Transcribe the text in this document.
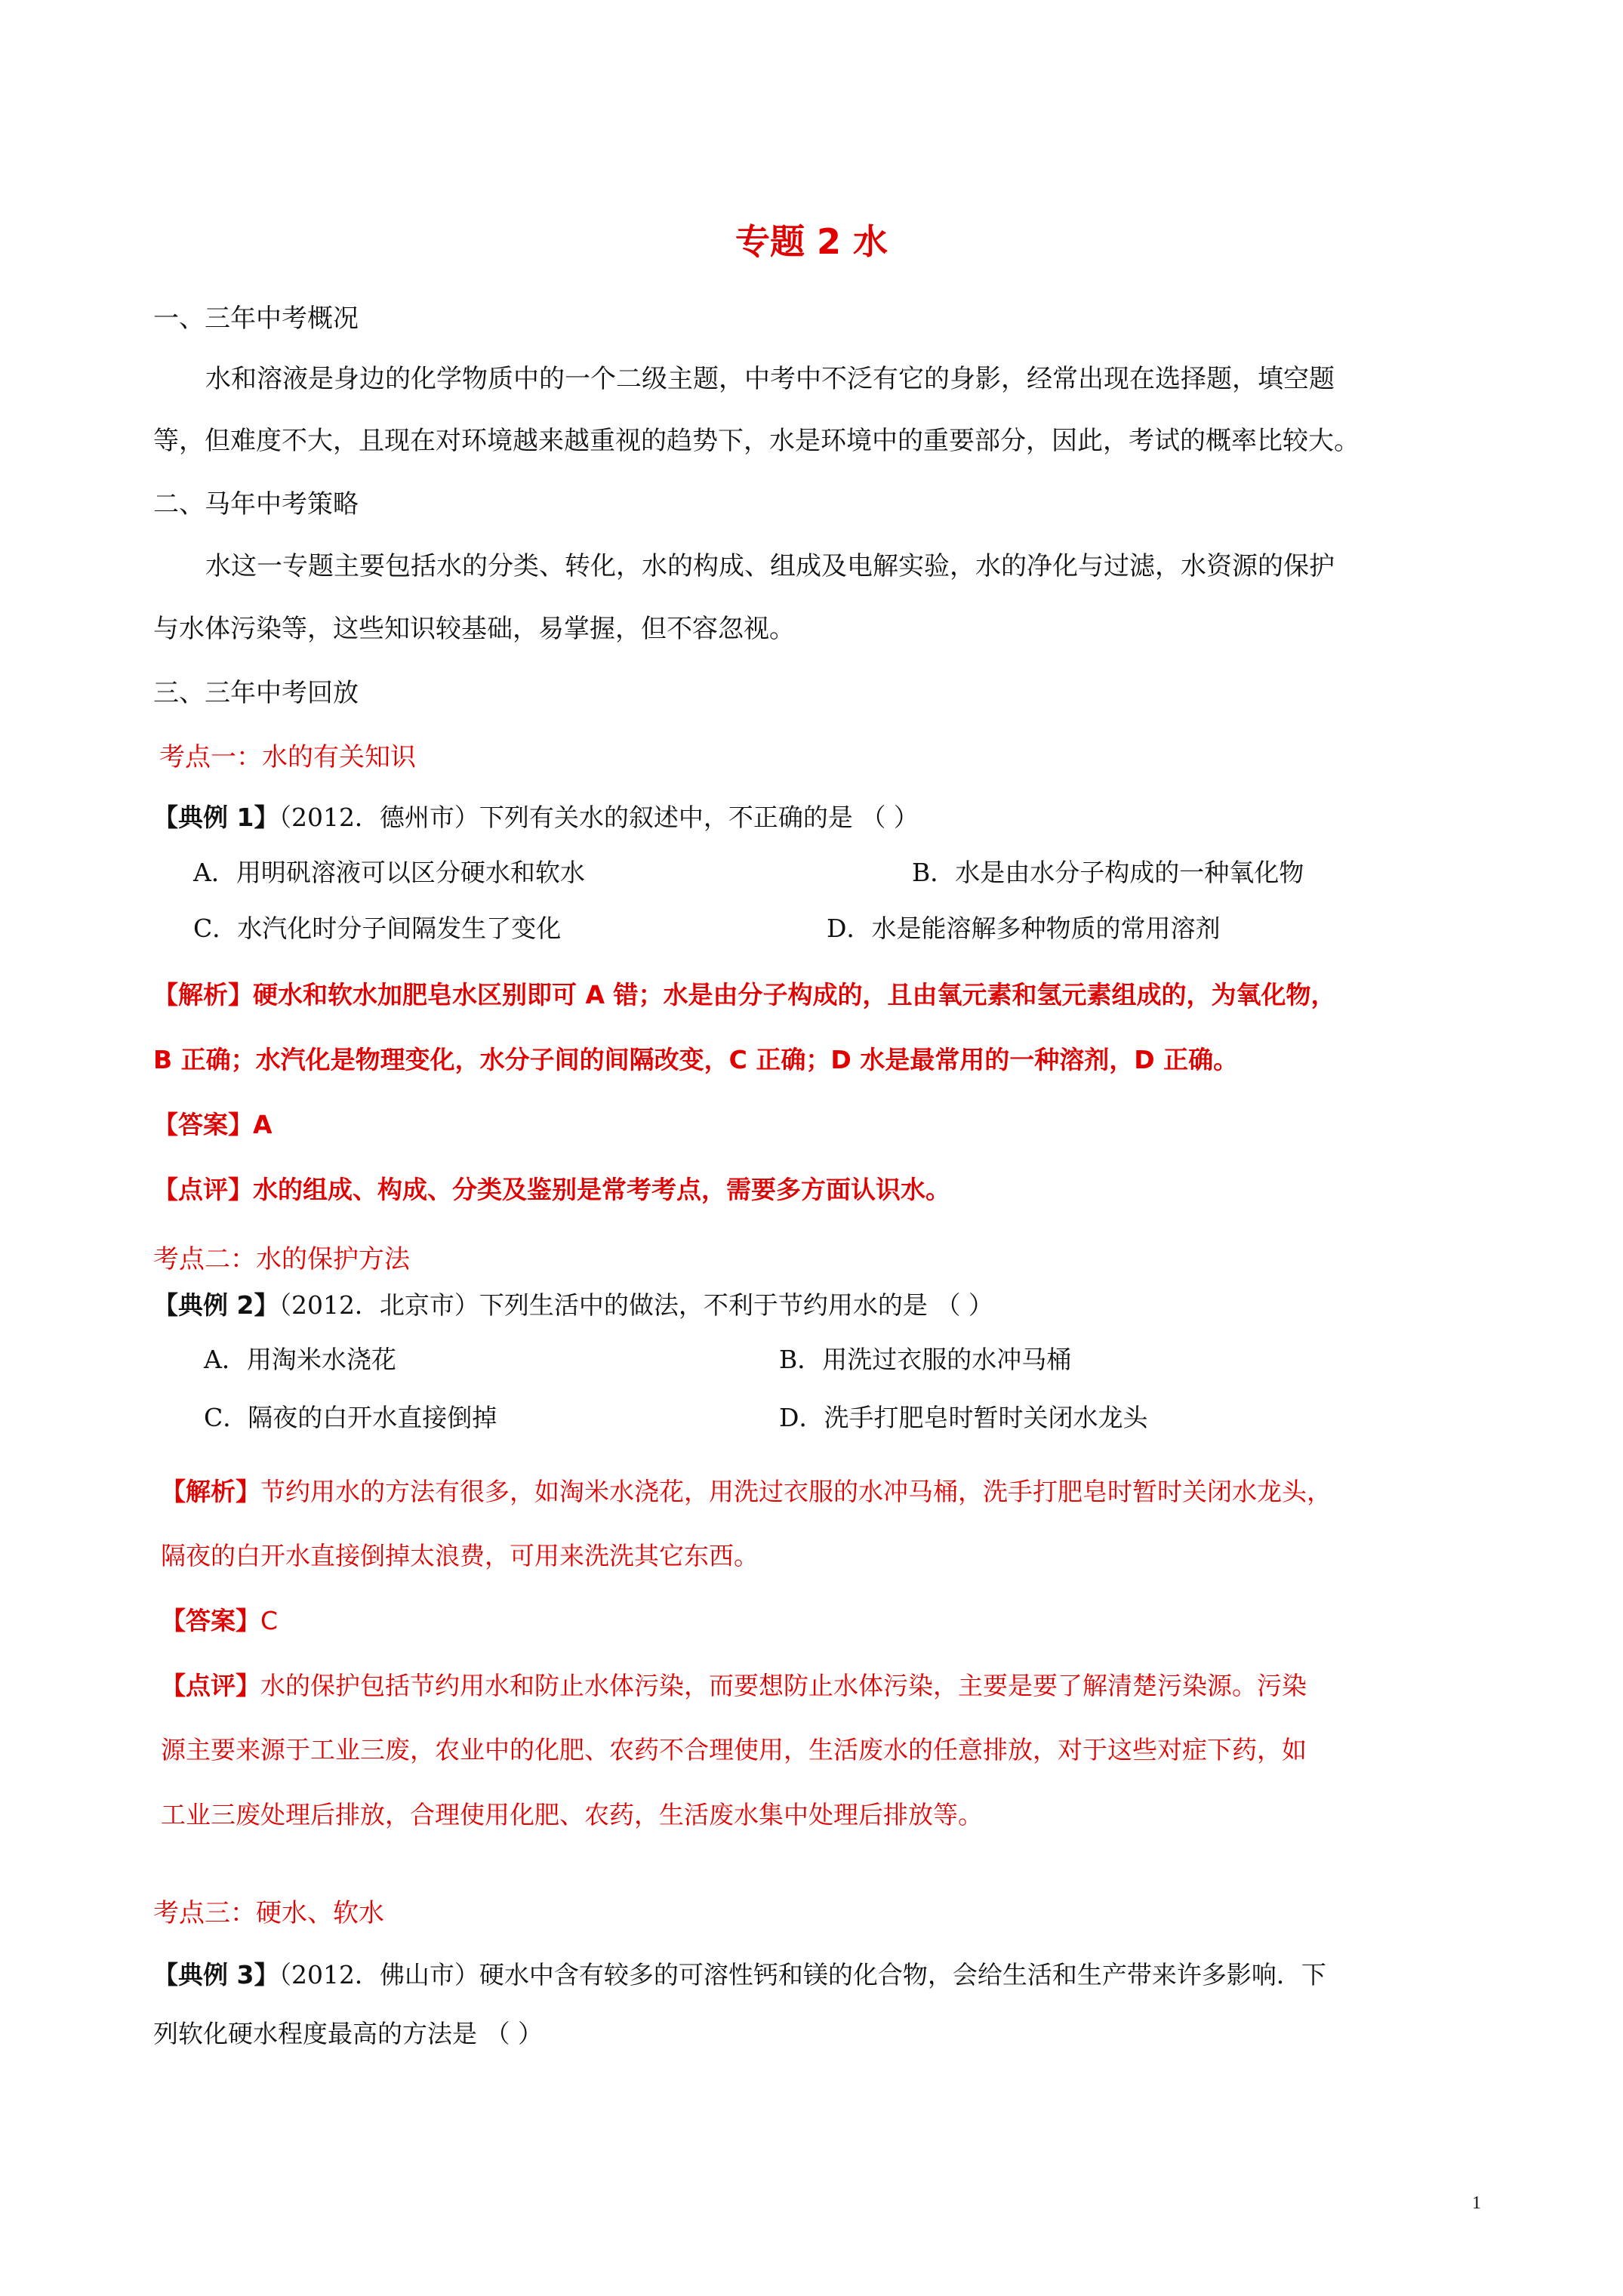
专题 2 水
一、三年中考概况
水和溶液是身边的化学物质中的一个二级主题，中考中不泛有它的身影，经常出现在选择题，填空题
等，但难度不大，且现在对环境越来越重视的趋势下，水是环境中的重要部分，因此，考试的概率比较大。
二、马年中考策略
水这一专题主要包括水的分类、转化，水的构成、组成及电解实验，水的净化与过滤，水资源的保护
与水体污染等，这些知识较基础，易掌握，但不容忽视。
三、三年中考回放
考点一：水的有关知识
【典例 1】（2012．德州市）下列有关水的叙述中，不正确的是 （ ）
A．用明矾溶液可以区分硬水和软水	B．水是由水分子构成的一种氧化物
C．水汽化时分子间隔发生了变化	D．水是能溶解多种物质的常用溶剂
【解析】硬水和软水加肥皂水区别即可 A 错；水是由分子构成的，且由氧元素和氢元素组成的，为氧化物，
B 正确；水汽化是物理变化，水分子间的间隔改变，C 正确；D 水是最常用的一种溶剂，D 正确。
【答案】A
【点评】水的组成、构成、分类及鉴别是常考考点，需要多方面认识水。
考点二：水的保护方法
【典例 2】（2012．北京市）下列生活中的做法，不利于节约用水的是 （ ）
A．用淘米水浇花	B．用洗过衣服的水冲马桶
C．隔夜的白开水直接倒掉	D．洗手打肥皂时暂时关闭水龙头
【解析】节约用水的方法有很多，如淘米水浇花，用洗过衣服的水冲马桶，洗手打肥皂时暂时关闭水龙头，
隔夜的白开水直接倒掉太浪费，可用来洗洗其它东西。
【答案】C
【点评】水的保护包括节约用水和防止水体污染，而要想防止水体污染，主要是要了解清楚污染源。污染
源主要来源于工业三废，农业中的化肥、农药不合理使用，生活废水的任意排放，对于这些对症下药，如
工业三废处理后排放，合理使用化肥、农药，生活废水集中处理后排放等。
考点三：硬水、软水
【典例 3】（2012．佛山市）硬水中含有较多的可溶性钙和镁的化合物，会给生活和生产带来许多影响．下
列软化硬水程度最高的方法是 （ ）
1
